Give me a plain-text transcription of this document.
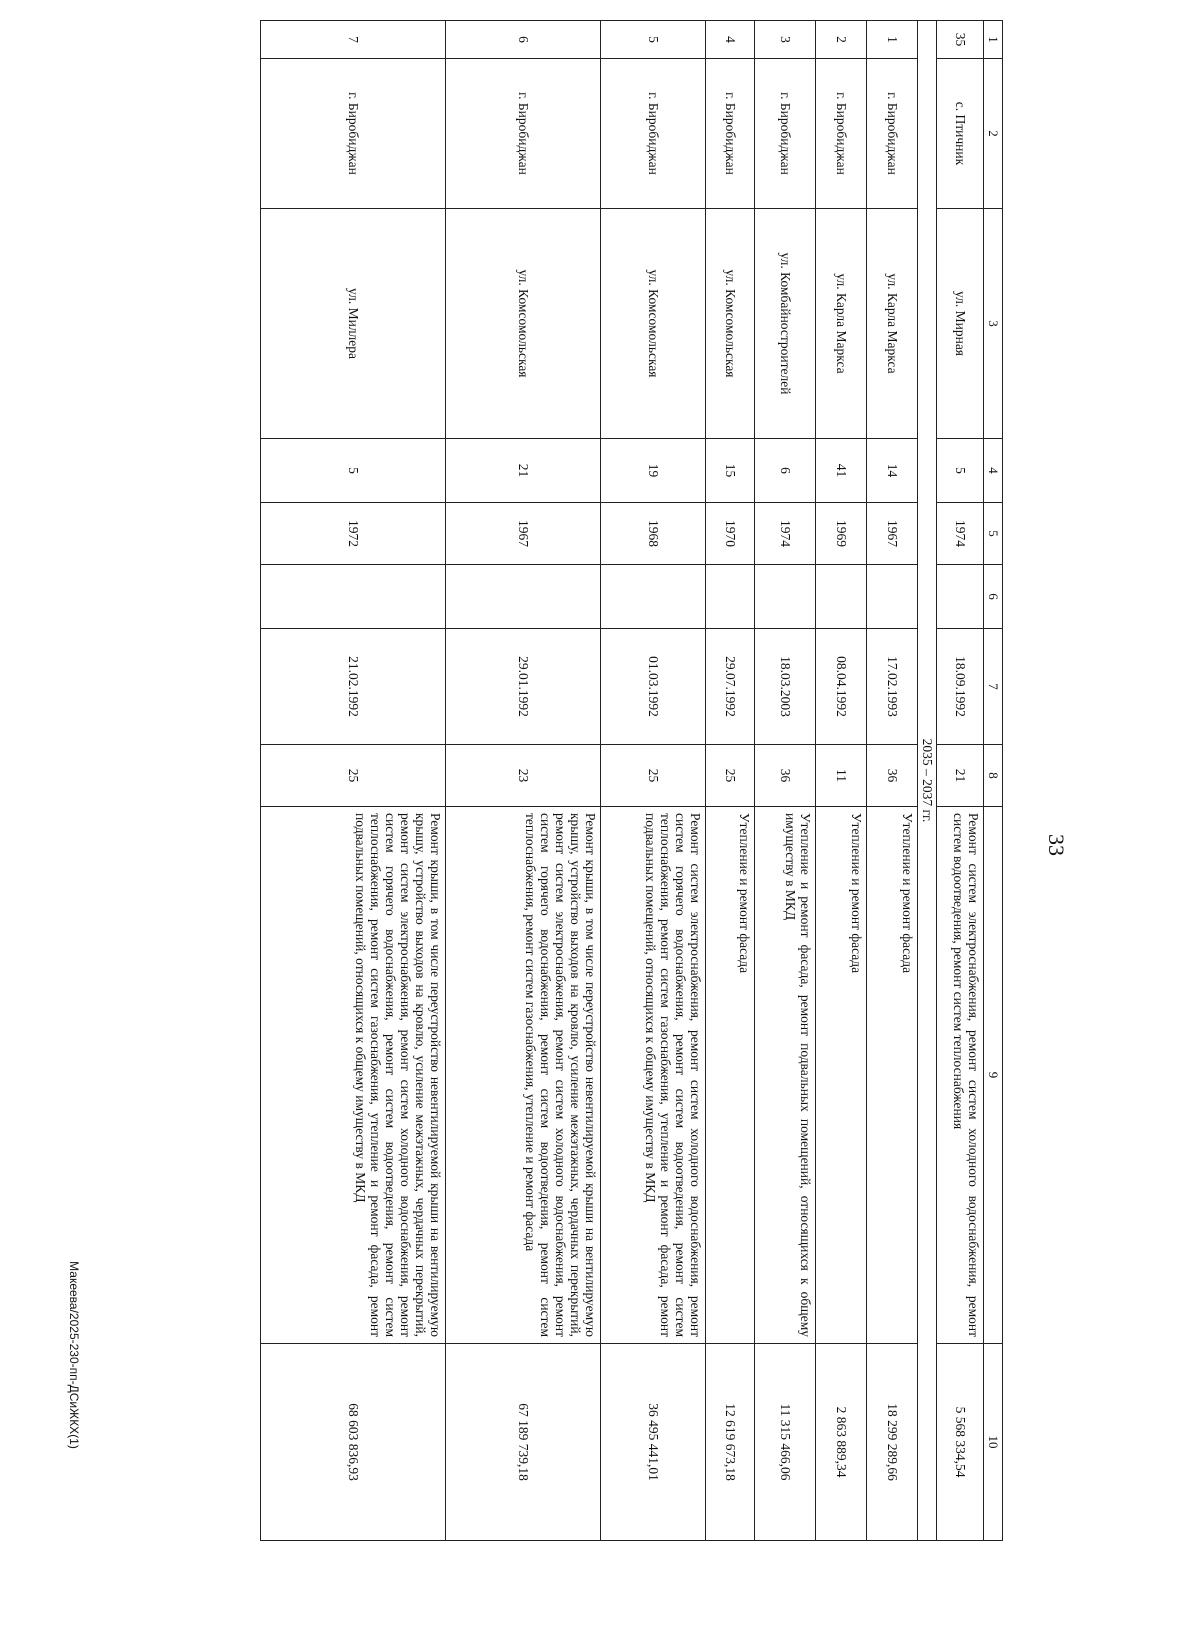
33
1	2	3	4	5	6	7	8	9	10
35	с. Птичник	ул. Мирная	5	1974		18.09.1992	21	Ремонт систем электроснабжения, ремонт систем холодного водоснабжения, ремонт систем водоотведения, ремонт систем теплоснабжения	5 568 334,54
2035 – 2037 гг.									
1	г. Биробиджан	ул. Карла Маркса	14	1967		17.02.1993	36	Утепление и ремонт фасада	18 299 289,66
2	г. Биробиджан	ул. Карла Маркса	41	1969		08.04.1992	11	Утепление и ремонт фасада	2 863 889,34
3	г. Биробиджан	ул. Комбайностроителей	6	1974		18.03.2003	36	Утепление и ремонт фасада, ремонт подвальных помещений, относящихся к общему имуществу в МКД	11 315 466,06
4	г. Биробиджан	ул. Комсомольская	15	1970		29.07.1992	25	Утепление и ремонт фасада	12 619 673,18
5	г. Биробиджан	ул. Комсомольская	19	1968		01.03.1992	25	Ремонт систем электроснабжения, ремонт систем холодного водоснабжения, ремонт систем горячего водоснабжения, ремонт систем водоотведения, ремонт систем теплоснабжения, ремонт систем газоснабжения, утепление и ремонт фасада, ремонт подвальных помещений, относящихся к общему имуществу в МКД	36 495 441,01
6	г. Биробиджан	ул. Комсомольская	21	1967		29.01.1992	23	Ремонт крыши, в том числе переустройство невентилируемой крыши на вентилируемую крышу, устройство выходов на кровлю, усиление межэтажных, чердачных перекрытий, ремонт систем электроснабжения, ремонт систем холодного водоснабжения, ремонт систем горячего водоснабжения, ремонт систем водоотведения, ремонт систем теплоснабжения, ремонт систем газоснабжения, утепление и ремонт фасада	67 189 739,18
7	г. Биробиджан	ул. Миллера	5	1972		21.02.1992	25	Ремонт крыши, в том числе переустройство невентилируемой крыши на вентилируемую крышу, устройство выходов на кровлю, усиление межэтажных, чердачных перекрытий, ремонт систем электроснабжения, ремонт систем холодного водоснабжения, ремонт систем горячего водоснабжения, ремонт систем водоотведения, ремонт систем теплоснабжения, ремонт систем газоснабжения, утепление и ремонт фасада, ремонт подвальных помещений, относящихся к общему имуществу в МКД	68 603 836,93
Макеева/2025-230-пп-ДСиЖКХ(1)
